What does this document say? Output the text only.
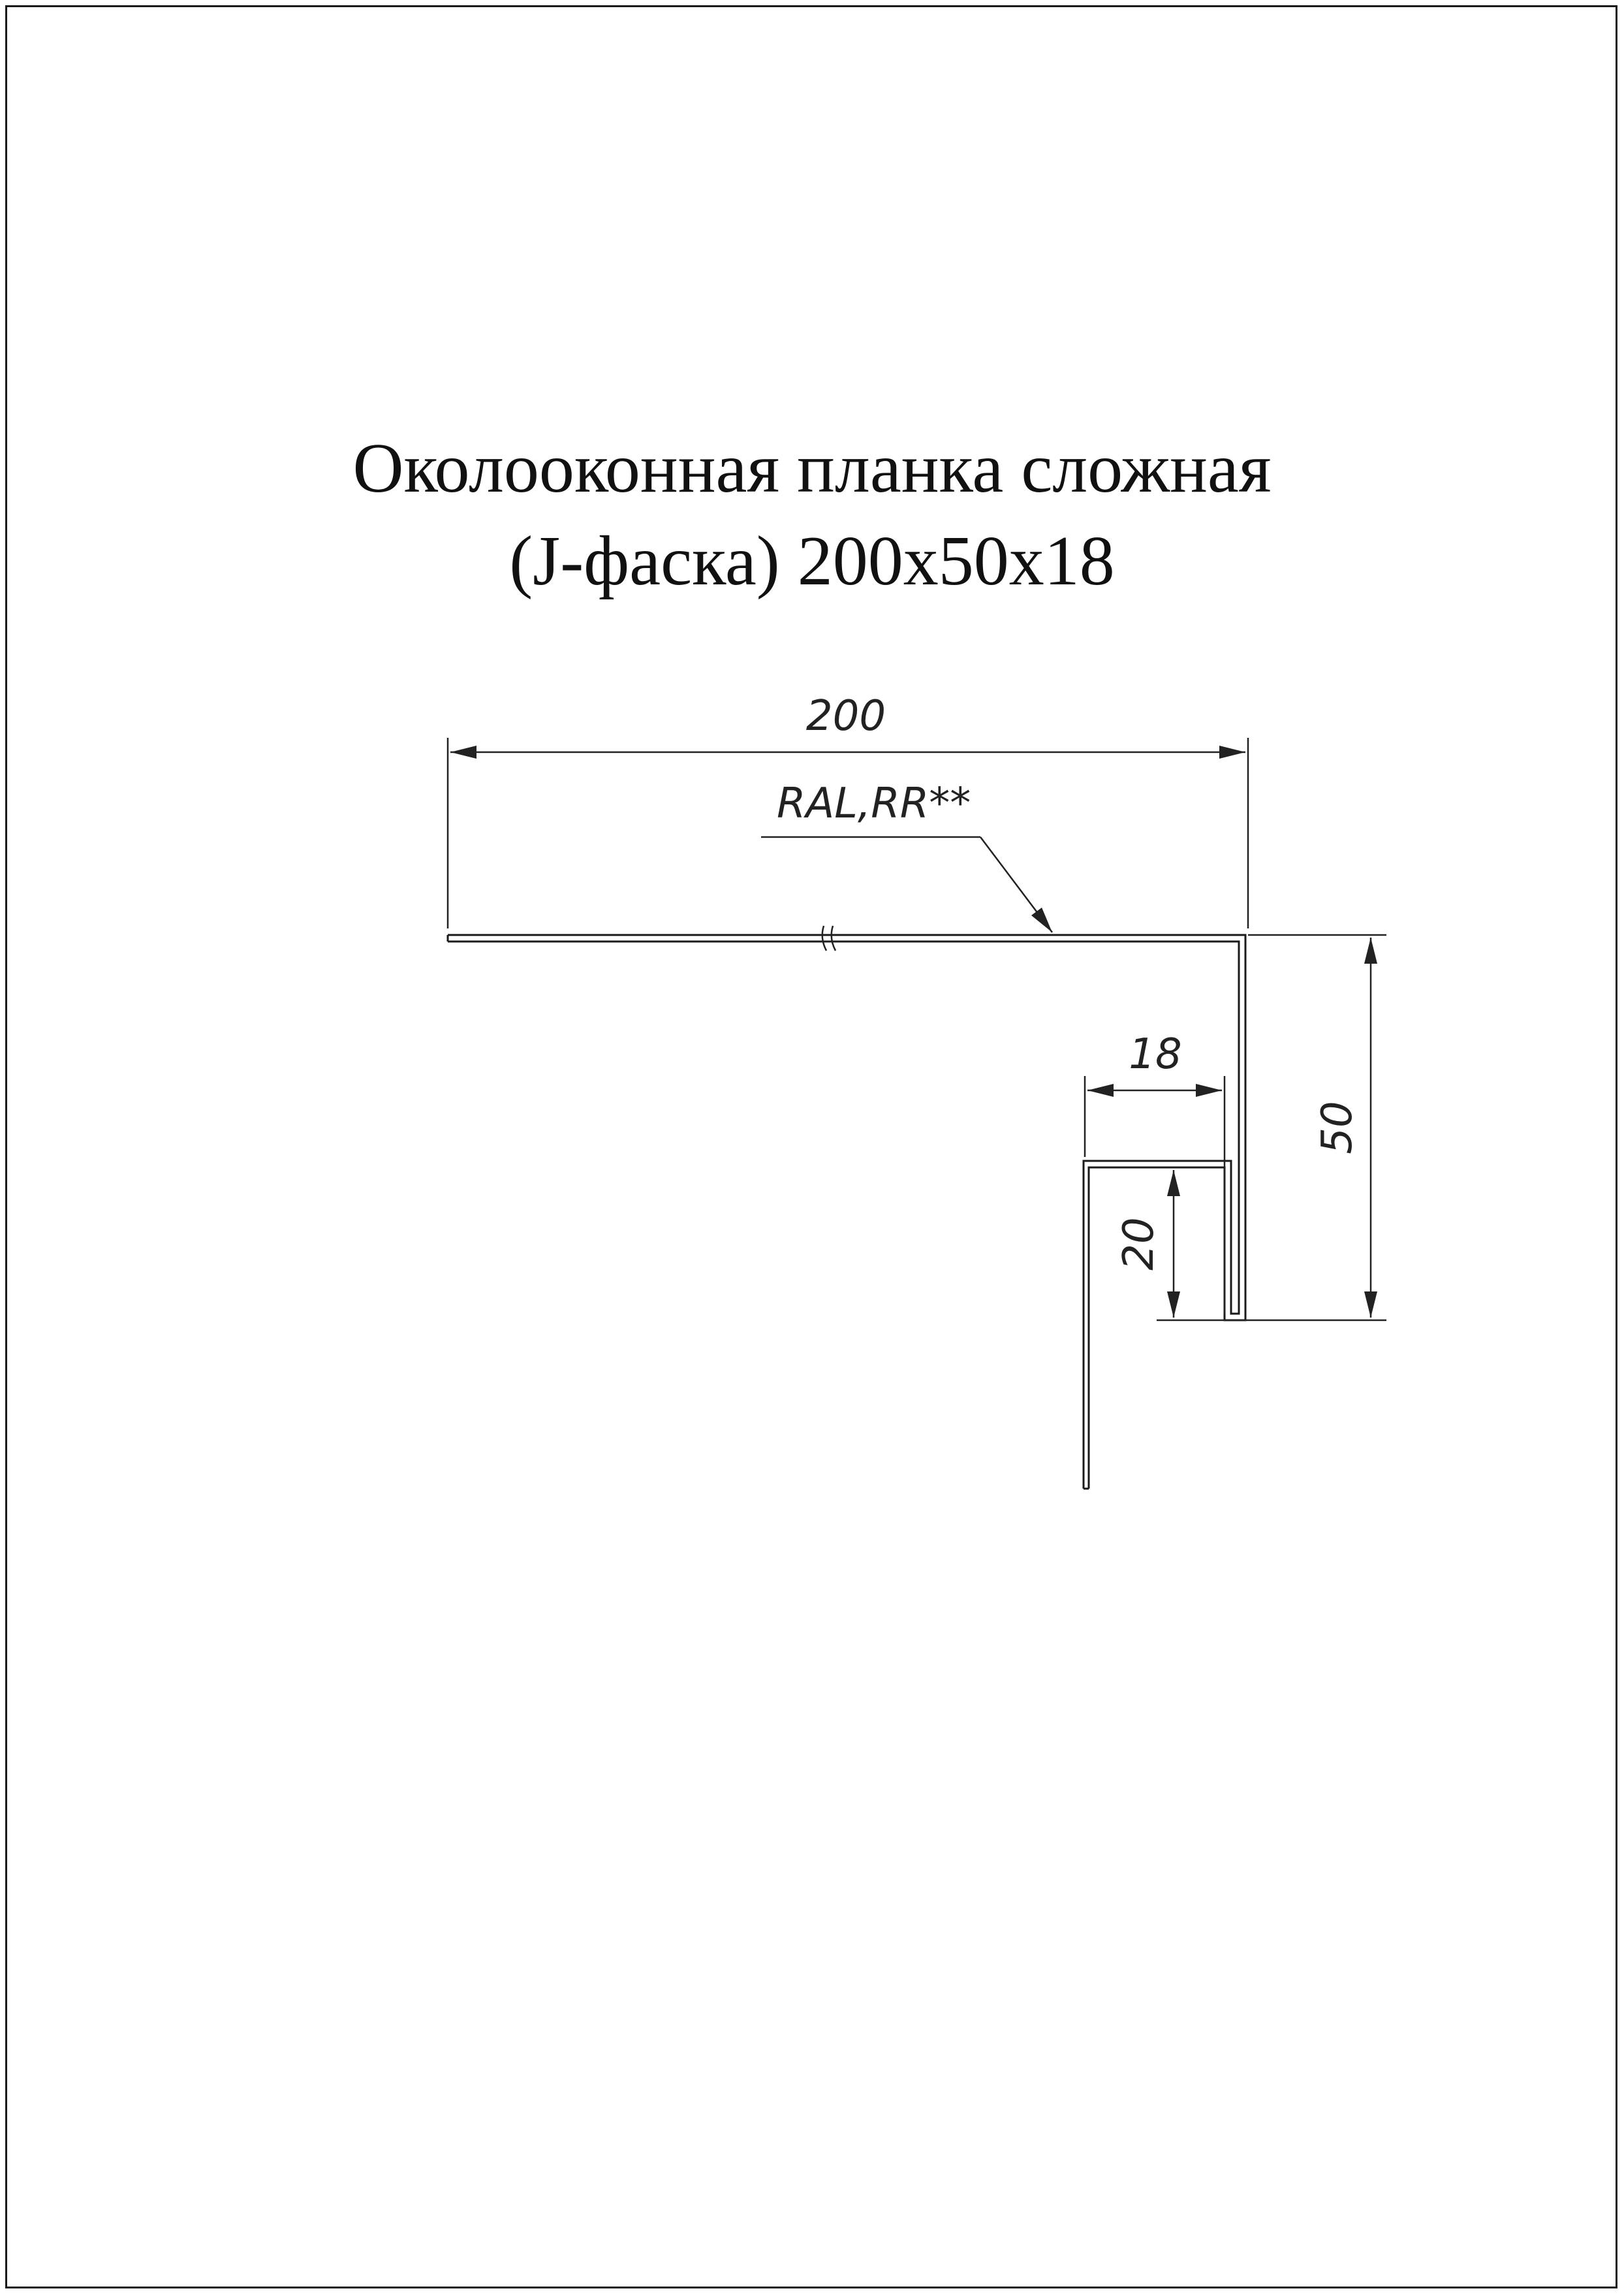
Околооконная планка сложная
(J-фаска) 200х50х18
200
RAL,RR**
50
18
20
